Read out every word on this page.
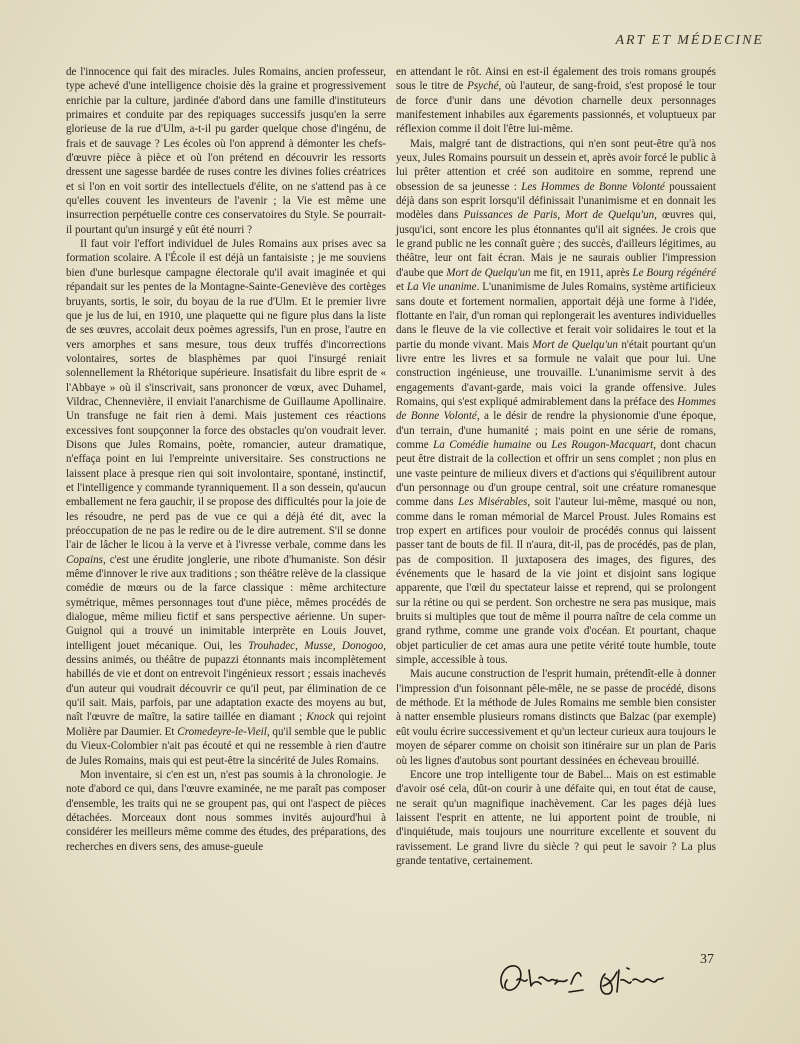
ART ET MÉDECINE

de l'innocence qui fait des miracles. Jules Romains, ancien professeur, type achevé d'une intelligence choisie dès la graine et progressivement enrichie par la culture, jardinée d'abord dans une famille d'instituteurs primaires et conduite par des repiquages successifs jusqu'en la serre glorieuse de la rue d'Ulm, a-t-il pu garder quelque chose d'ingénu, de frais et de sauvage ? Les écoles où l'on apprend à démonter les chefs-d'œuvre pièce à pièce et où l'on prétend en découvrir les ressorts dressent une sagesse bardée de ruses contre les divines folies créatrices et si l'on en voit sortir des intellectuels d'élite, on ne s'attend pas à ce qu'elles couvent les inventeurs de l'avenir ; la Vie est même une insurrection perpétuelle contre ces conservatoires du Style. Se pourrait-il pourtant qu'un insurgé y eût été nourri ?

Il faut voir l'effort individuel de Jules Romains aux prises avec sa formation scolaire. A l'École il est déjà un fantaisiste ; je me souviens bien d'une burlesque campagne électorale qu'il avait imaginée et qui répandait sur les pentes de la Montagne-Sainte-Geneviève des cortèges bruyants, sortis, le soir, du boyau de la rue d'Ulm. Et le premier livre que je lus de lui, en 1910, une plaquette qui ne figure plus dans la liste de ses œuvres, accolait deux poèmes agressifs, l'un en prose, l'autre en vers amorphes et sans mesure, tous deux truffés d'incorrections volontaires, sortes de blasphèmes par quoi l'insurgé reniait solennellement la Rhétorique supérieure. Insatisfait du libre esprit de « l'Abbaye » où il s'inscrivait, sans prononcer de vœux, avec Duhamel, Vildrac, Chennevière, il enviait l'anarchisme de Guillaume Apollinaire. Un transfuge ne fait rien à demi. Mais justement ces réactions excessives font soupçonner la force des obstacles qu'on voudrait lever. Disons que Jules Romains, poète, romancier, auteur dramatique, n'effaça point en lui l'empreinte universitaire. Ses constructions ne laissent place à presque rien qui soit involontaire, spontané, instinctif, et l'intelligence y commande tyranniquement. Il a son dessein, qu'aucun emballement ne fera gauchir, il se propose des difficultés pour la joie de les résoudre, ne perd pas de vue ce qui a déjà été dit, avec la préoccupation de ne pas le redire ou de le dire autrement. S'il se donne l'air de lâcher le licou à la verve et à l'ivresse verbale, comme dans les Copains, c'est une érudite jonglerie, une ribote d'humaniste. Son désir même d'innover le rive aux traditions ; son théâtre relève de la classique comédie de mœurs ou de la farce classique : même architecture symétrique, mêmes personnages tout d'une pièce, mêmes procédés de dialogue, même milieu fictif et sans perspective aérienne. Un super-Guignol qui a trouvé un inimitable interprète en Louis Jouvet, intelligent jouet mécanique. Oui, les Trouhadec, Musse, Donogoo, dessins animés, ou théâtre de pupazzi étonnants mais incomplètement habillés de vie et dont on entrevoit l'ingénieux ressort ; essais inachevés d'un auteur qui voudrait découvrir ce qu'il peut, par élimination de ce qu'il sait. Mais, parfois, par une adaptation exacte des moyens au but, naît l'œuvre de maître, la satire taillée en diamant ; Knock qui rejoint Molière par Daumier. Et Cromedeyre-le-Vieil, qu'il semble que le public du Vieux-Colombier n'ait pas écouté et qui ne ressemble à rien d'autre de Jules Romains, mais qui est peut-être la sincérité de Jules Romains.

Mon inventaire, si c'en est un, n'est pas soumis à la chronologie. Je note d'abord ce qui, dans l'œuvre examinée, ne me paraît pas composer d'ensemble, les traits qui ne se groupent pas, qui ont l'aspect de pièces détachées. Morceaux dont nous sommes invités aujourd'hui à considérer les meilleurs même comme des études, des préparations, des recherches en divers sens, des amuse-gueule

en attendant le rôt. Ainsi en est-il également des trois romans groupés sous le titre de Psyché, où l'auteur, de sang-froid, s'est proposé le tour de force d'unir dans une dévotion charnelle deux personnages manifestement inhabiles aux égarements passionnés, et voluptueux par réflexion comme il doit l'être lui-même.

Mais, malgré tant de distractions, qui n'en sont peut-être qu'à nos yeux, Jules Romains poursuit un dessein et, après avoir forcé le public à lui prêter attention et créé son auditoire en somme, reprend une obsession de sa jeunesse : Les Hommes de Bonne Volonté poussaient déjà dans son esprit lorsqu'il définissait l'unanimisme et en donnait les modèles dans Puissances de Paris, Mort de Quelqu'un, œuvres qui, jusqu'ici, sont encore les plus étonnantes qu'il ait signées. Je crois que le grand public ne les connaît guère ; des succès, d'ailleurs légitimes, au théâtre, leur ont fait écran. Mais je ne saurais oublier l'impression d'aube que Mort de Quelqu'un me fit, en 1911, après Le Bourg régénéré et La Vie unanime. L'unanimisme de Jules Romains, système artificieux sans doute et fortement normalien, apportait déjà une forme à l'idée, flottante en l'air, d'un roman qui replongerait les aventures individuelles dans le fleuve de la vie collective et ferait voir solidaires le tout et la partie du monde vivant. Mais Mort de Quelqu'un n'était pourtant qu'un livre entre les livres et sa formule ne valait que pour lui. Une construction ingénieuse, une trouvaille. L'unanimisme servit à des engagements d'avant-garde, mais voici la grande offensive. Jules Romains, qui s'est expliqué admirablement dans la préface des Hommes de Bonne Volonté, a le désir de rendre la physionomie d'une époque, d'un terrain, d'une humanité ; mais point en une série de romans, comme La Comédie humaine ou Les Rougon-Macquart, dont chacun peut être distrait de la collection et offrir un sens complet ; non plus en une vaste peinture de milieux divers et d'actions qui s'équilibrent autour d'un personnage ou d'un groupe central, soit une créature romanesque comme dans Les Misérables, soit l'auteur lui-même, masqué ou non, comme dans le roman mémorial de Marcel Proust. Jules Romains est trop expert en artifices pour vouloir de procédés connus qui laissent passer tant de bouts de fil. Il n'aura, dit-il, pas de procédés, pas de plan, pas de composition. Il juxtaposera des images, des figures, des événements que le hasard de la vie joint et disjoint sans logique apparente, que l'œil du spectateur laisse et reprend, qui se prolongent sur la rétine ou qui se perdent. Son orchestre ne sera pas musique, mais bruits si multiples que tout de même il pourra naître de cela comme un grand rythme, comme une grande voix d'océan. Et pourtant, chaque objet particulier de cet amas aura une petite vérité toute humble, toute simple, accessible à tous.

Mais aucune construction de l'esprit humain, prétendît-elle à donner l'impression d'un foisonnant pêle-mêle, ne se passe de procédé, disons de méthode. Et la méthode de Jules Romains me semble bien consister à natter ensemble plusieurs romans distincts que Balzac (par exemple) eût voulu écrire successivement et qu'un lecteur curieux aura toujours le moyen de séparer comme on choisit son itinéraire sur un plan de Paris où les lignes d'autobus sont pourtant dessinées en écheveau brouillé.

Encore une trop intelligente tour de Babel... Mais on est estimable d'avoir osé cela, dût-on courir à une défaite qui, en tout état de cause, ne serait qu'un magnifique inachèvement. Car les pages déjà lues laissent l'esprit en attente, ne lui apportent point de trouble, ni d'inquiétude, mais toujours une nourriture excellente et souvent du ravissement. Le grand livre du siècle ? qui peut le savoir ? La plus grande tentative, certainement.

37
